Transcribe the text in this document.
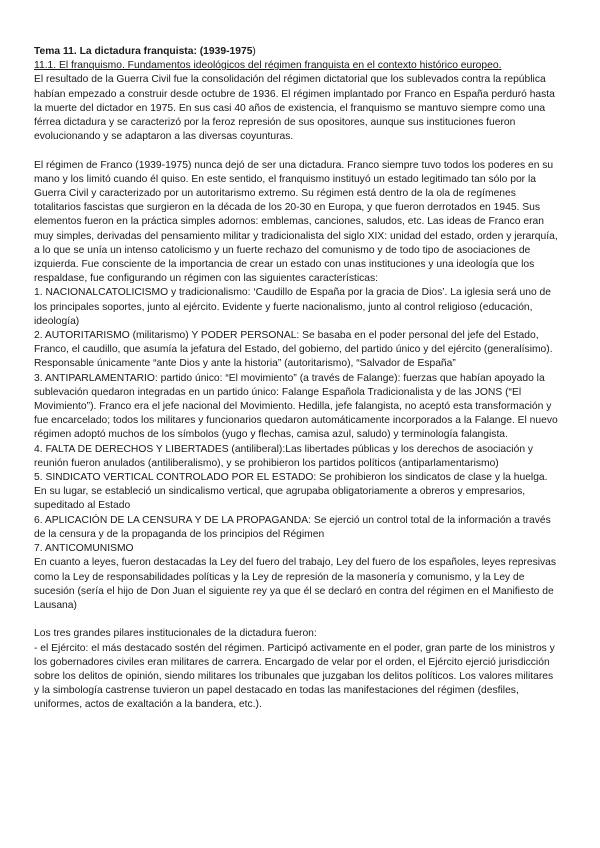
Tema 11. La dictadura franquista: (1939-1975)

11.1. El franquismo. Fundamentos ideológicos del régimen franquista en el contexto histórico europeo.

El resultado de la Guerra Civil fue la consolidación del régimen dictatorial que los sublevados contra la república habían empezado a construir desde octubre de 1936. El régimen implantado por Franco en España perduró hasta la muerte del dictador en 1975. En sus casi 40 años de existencia, el franquismo se mantuvo siempre como una férrea dictadura y se caracterizó por la feroz represión de sus opositores, aunque sus instituciones fueron evolucionando y se adaptaron a las diversas coyunturas.

El régimen de Franco (1939-1975) nunca dejó de ser una dictadura. Franco siempre tuvo todos los poderes en su mano y los limitó cuando él quiso. En este sentido, el franquismo instituyó un estado legitimado tan sólo por la Guerra Civil y caracterizado por un autoritarismo extremo. Su régimen está dentro de la ola de regímenes totalitarios fascistas que surgieron en la década de los 20-30 en Europa, y que fueron derrotados en 1945. Sus elementos fueron en la práctica simples adornos: emblemas, canciones, saludos, etc. Las ideas de Franco eran muy simples, derivadas del pensamiento militar y tradicionalista del siglo XIX: unidad del estado, orden y jerarquía, a lo que se unía un intenso catolicismo y un fuerte rechazo del comunismo y de todo tipo de asociaciones de izquierda. Fue consciente de la importancia de crear un estado con unas instituciones y una ideología que los respaldase, fue configurando un régimen con las siguientes características:

1. NACIONALCATOLICISMO y tradicionalismo: ‘Caudillo de España por la gracia de Dios’. La iglesia será uno de los principales soportes, junto al ejército. Evidente y fuerte nacionalismo, junto al control religioso (educación, ideología)

2. AUTORITARISMO (militarismo) Y PODER PERSONAL: Se basaba en el poder personal del jefe del Estado, Franco, el caudillo, que asumía la jefatura del Estado, del gobierno, del partido único y del ejército (generalísimo). Responsable únicamente “ante Dios y ante la historia” (autoritarismo), “Salvador de España”

3. ANTIPARLAMENTARIO: partido único: “El movimiento” (a través de Falange): fuerzas que habían apoyado la sublevación quedaron integradas en un partido único: Falange Española Tradicionalista y de las JONS (“El Movimiento”). Franco era el jefe nacional del Movimiento. Hedilla, jefe falangista, no aceptó esta transformación y fue encarcelado; todos los militares y funcionarios quedaron automáticamente incorporados a la Falange. El nuevo régimen adoptó muchos de los símbolos (yugo y flechas, camisa azul, saludo) y terminología falangista.

4. FALTA DE DERECHOS Y LIBERTADES (antiliberal):Las libertades públicas y los derechos de asociación y reunión fueron anulados (antiliberalismo), y se prohibieron los partidos políticos (antiparlamentarismo)

5. SINDICATO VERTICAL CONTROLADO POR EL ESTADO: Se prohibieron los sindicatos de clase y la huelga. En su lugar, se estableció un sindicalismo vertical, que agrupaba obligatoriamente a obreros y empresarios, supeditado al Estado

6. APLICACIÓN DE LA CENSURA Y DE LA PROPAGANDA: Se ejerció un control total de la información a través de la censura y de la propaganda de los principios del Régimen

7. ANTICOMUNISMO

En cuanto a leyes, fueron destacadas la Ley del fuero del trabajo, Ley del fuero de los españoles, leyes represivas como la Ley de responsabilidades políticas y la Ley de represión de la masonería y comunismo, y la Ley de sucesión (sería el hijo de Don Juan el siguiente rey ya que él se declaró en contra del régimen en el Manifiesto de Lausana)

Los tres grandes pilares institucionales de la dictadura fueron:

- el Ejército: el más destacado sostén del régimen. Participó activamente en el poder, gran parte de los ministros y los gobernadores civiles eran militares de carrera. Encargado de velar por el orden, el Ejército ejerció jurisdicción sobre los delitos de opinión, siendo militares los tribunales que juzgaban los delitos políticos. Los valores militares y la simbología castrense tuvieron un papel destacado en todas las manifestaciones del régimen (desfiles, uniformes, actos de exaltación a la bandera, etc.).
